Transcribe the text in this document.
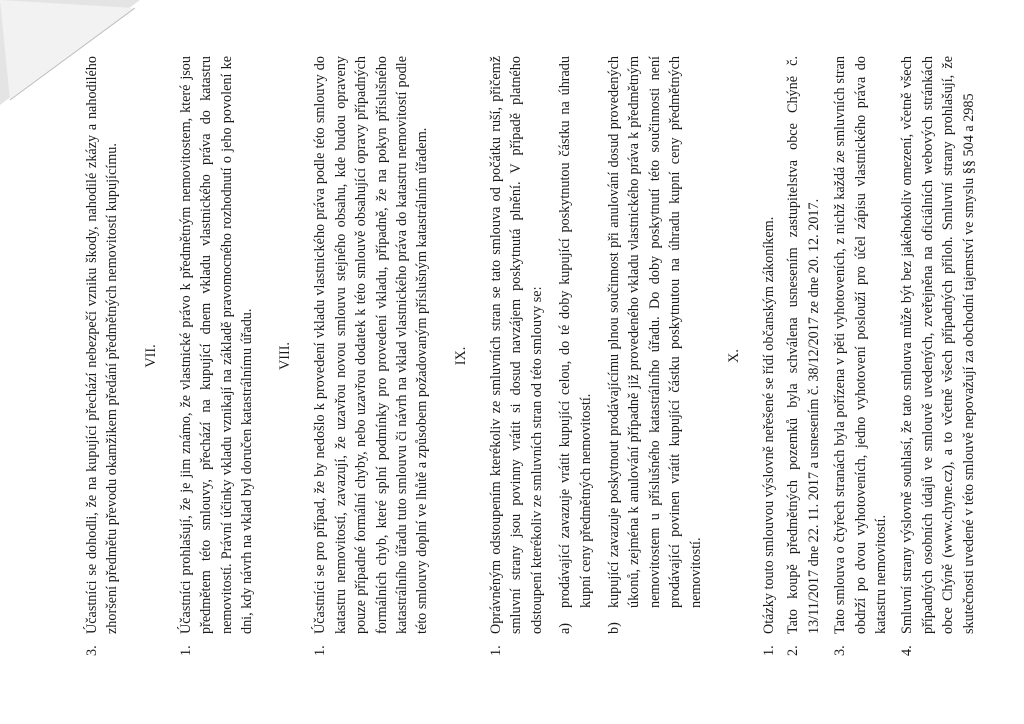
3.
Účastníci se dohodli, že na kupující přechází nebezpečí vzniku škody, nahodilé zkázy a nahodilého zhoršení předmětu převodu okamžikem předání předmětných nemovitostí kupujícímu. VII.
1.
Účastníci prohlašují, že je jim známo, že vlastnické právo k předmětným nemovitostem, které jsou předmětem této smlouvy, přechází na kupující dnem vkladu vlastnického práva do katastru nemovitostí. Právní účinky vkladu vznikají na základě pravomocného rozhodnutí o jeho povolení ke dni, kdy návrh na vklad byl doručen katastrálnímu úřadu. VIII.
1.
Účastníci se pro případ, že by nedošlo k provedení vkladu vlastnického práva podle této smlouvy do katastru nemovitostí, zavazují, že uzavřou novou smlouvu stejného obsahu, kde budou opraveny pouze případné formální chyby, nebo uzavřou dodatek k této smlouvě obsahující opravy případných formálních chyb, které splní podmínky pro provedení vkladu, případně, že na pokyn příslušného katastrálního úřadu tuto smlouvu či návrh na vklad vlastnického práva do katastru nemovitostí podle této smlouvy doplní ve lhůtě a způsobem požadovaným příslušným katastrálním úřadem. IX.
1.
Oprávněným odstoupením kterékoliv ze smluvních stran se tato smlouva od počátku ruší, přičemž smluvní strany jsou povinny vrátit si dosud navzájem poskytnutá plnění. V případě platného odstoupení kterékoliv ze smluvních stran od této smlouvy se: a)
prodávající zavazuje vrátit kupující celou, do té doby kupující poskytnutou částku na úhradu kupní ceny předmětných nemovitostí.
b)
kupující zavazuje poskytnout prodávajícímu plnou součinnost při anulování dosud provedených úkonů, zejména k anulování případně již provedeného vkladu vlastnického práva k předmětným nemovitostem u příslušného katastrálního úřadu. Do doby poskytnutí této součinnosti není prodávající povinen vrátit kupující částku poskytnutou na úhradu kupní ceny předmětných nemovitostí.
X.
1.
Otázky touto smlouvou výslovně neřešené se řídí občanským zákoníkem.
2.
Tato koupě předmětných pozemků byla schválena usnesením zastupitelstva obce Chýně č. 13/11/2017 dne 22. 11. 2017 a usnesením č. 38/12/2017 ze dne 20. 12. 2017.
3.
Tato smlouva o čtyřech stranách byla pořízena v pěti vyhotoveních, z nichž každá ze smluvních stran obdrží po dvou vyhotoveních, jedno vyhotovení poslouží pro účel zápisu vlastnického práva do katastru nemovitostí.
4.
Smluvní strany výslovně souhlasí, že tato smlouva může být bez jakéhokoliv omezení, včetně všech případných osobních údajů ve smlouvě uvedených, zveřejněna na oficiálních webových stránkách obce Chýně (www.chyne.cz), a to včetně všech případných příloh. Smluvní strany prohlašují, že skutečnosti uvedené v této smlouvě nepovažují za obchodní tajemství ve smyslu §§ 504 a 2985
